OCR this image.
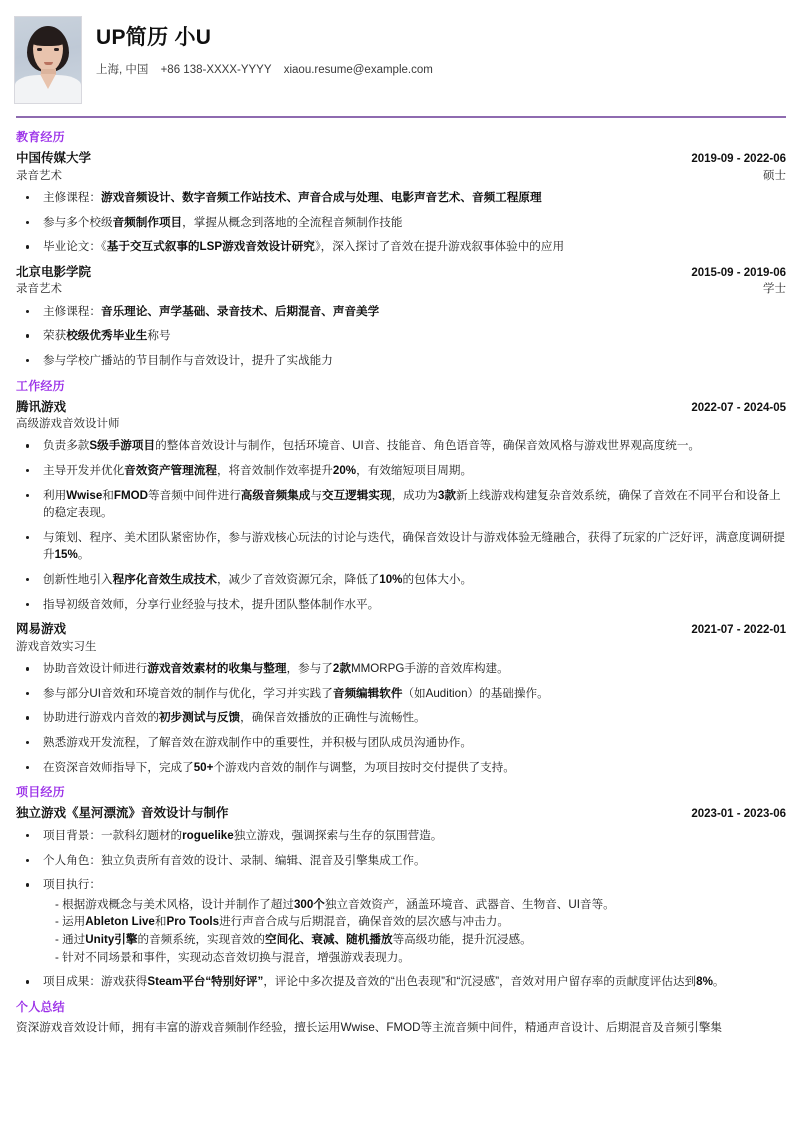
UP简历 小U
上海, 中国 +86 138-XXXX-YYYY xiaou.resume@example.com
教育经历
中国传媒大学	2019-09 - 2022-06
录音艺术	硕士
主修课程：游戏音频设计、数字音频工作站技术、声音合成与处理、电影声音艺术、音频工程原理
参与多个校级音频制作项目，掌握从概念到落地的全流程音频制作技能
毕业论文：《基于交互式叙事的LSP游戏音效设计研究》，深入探讨了音效在提升游戏叙事体验中的应用
北京电影学院	2015-09 - 2019-06
录音艺术	学士
主修课程：音乐理论、声学基础、录音技术、后期混音、声音美学
荣获校级优秀毕业生称号
参与学校广播站的节目制作与音效设计，提升了实战能力
工作经历
腾讯游戏	2022-07 - 2024-05
高级游戏音效设计师
负责多款S级手游项目的整体音效设计与制作，包括环境音、UI音、技能音、角色语音等，确保音效风格与游戏世界观高度统一。
主导开发并优化音效资产管理流程，将音效制作效率提升20%，有效缩短项目周期。
利用Wwise和FMOD等音频中间件进行高级音频集成与交互逻辑实现，成功为3款新上线游戏构建复杂音效系统，确保了音效在不同平台和设备上的稳定表现。
与策划、程序、美术团队紧密协作，参与游戏核心玩法的讨论与迭代，确保音效设计与游戏体验无缝融合，获得了玩家的广泛好评，满意度调研提升15%。
创新性地引入程序化音效生成技术，减少了音效资源冗余，降低了10%的包体大小。
指导初级音效师，分享行业经验与技术，提升团队整体制作水平。
网易游戏	2021-07 - 2022-01
游戏音效实习生
协助音效设计师进行游戏音效素材的收集与整理，参与了2款MMORPG手游的音效库构建。
参与部分UI音效和环境音效的制作与优化，学习并实践了音频编辑软件（如Audition）的基础操作。
协助进行游戏内音效的初步测试与反馈，确保音效播放的正确性与流畅性。
熟悉游戏开发流程，了解音效在游戏制作中的重要性，并积极与团队成员沟通协作。
在资深音效师指导下，完成了50+个游戏内音效的制作与调整，为项目按时交付提供了支持。
项目经历
独立游戏《星河漂流》音效设计与制作	2023-01 - 2023-06
项目背景：一款科幻题材的roguelike独立游戏，强调探索与生存的氛围营造。
个人角色：独立负责所有音效的设计、录制、编辑、混音及引擎集成工作。
项目执行：
- 根据游戏概念与美术风格，设计并制作了超过300个独立音效资产，涵盖环境音、武器音、生物音、UI音等。
- 运用Ableton Live和Pro Tools进行声音合成与后期混音，确保音效的层次感与冲击力。
- 通过Unity引擎的音频系统，实现音效的空间化、衰减、随机播放等高级功能，提升沉浸感。
- 针对不同场景和事件，实现动态音效切换与混音，增强游戏表现力。
项目成果：游戏获得Steam平台“特别好评”，评论中多次提及音效的“出色表现”和“沉浸感”，音效对用户留存率的贡献度评估达到8%。
个人总结
资深游戏音效设计师，拥有丰富的游戏音频制作经验，擅长运用Wwise、FMOD等主流音频中间件，精通声音设计、后期混音及音频引擎集
